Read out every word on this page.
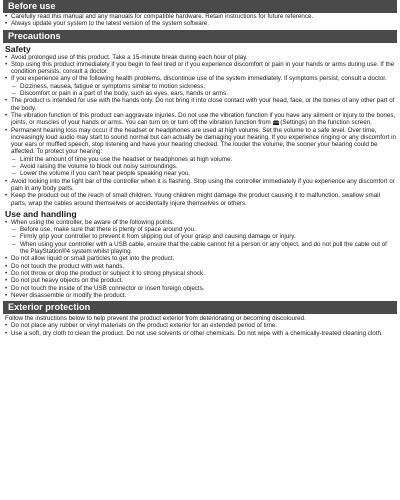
Before use
• Carefully read this manual and any manuals for compatible hardware. Retain instructions for future reference.
• Always update your system to the latest version of the system software.
Precautions
Safety
• Avoid prolonged use of this product. Take a 15-minute break during each hour of play.
• Stop using this product immediately if you begin to feel tired or if you experience discomfort or pain in your hands or arms during use. If the condition persists, consult a doctor.
• If you experience any of the following health problems, discontinue use of the system immediately. If symptoms persist, consult a doctor.
– Dizziness, nausea, fatigue or symptoms similar to motion sickness.
– Discomfort or pain in a part of the body, such as eyes, ears, hands or arms.
• The product is intended for use with the hands only. Do not bring it into close contact with your head, face, or the bones of any other part of the body.
• The vibration function of this product can aggravate injuries. Do not use the vibration function if you have any ailment or injury to the bones, joints, or muscles of your hands or arms. You can turn on or turn off the vibration function from (Settings) on the function screen.
• Permanent hearing loss may occur if the headset or headphones are used at high volume. Set the volume to a safe level. Over time, increasingly loud audio may start to sound normal but can actually be damaging your hearing. If you experience ringing or any discomfort in your ears or muffled speech, stop listening and have your hearing checked. The louder the volume, the sooner your hearing could be affected. To protect your hearing:
– Limit the amount of time you use the headset or headphones at high volume.
– Avoid raising the volume to block out noisy surroundings.
– Lower the volume if you can't hear people speaking near you.
• Avoid looking into the light bar of the controller when it is flashing. Stop using the controller immediately if you experience any discomfort or pain in any body parts.
• Keep the product out of the reach of small children. Young children might damage the product causing it to malfunction, swallow small parts, wrap the cables around themselves or accidentally injure themselves or others.
Use and handling
• When using the controller, be aware of the following points.
– Before use, make sure that there is plenty of space around you.
– Firmly grip your controller to prevent it from slipping out of your grasp and causing damage or injury.
– When using your controller with a USB cable, ensure that the cable cannot hit a person or any object, and do not pull the cable out of the PlayStation®4 system whilst playing.
• Do not allow liquid or small particles to get into the product.
• Do not touch the product with wet hands.
• Do not throw or drop the product or subject it to strong physical shock.
• Do not put heavy objects on the product.
• Do not touch the inside of the USB connector or insert foreign objects.
• Never disassemble or modify the product.
Exterior protection
Follow the instructions below to help prevent the product exterior from deteriorating or becoming discoloured.
• Do not place any rubber or vinyl materials on the product exterior for an extended period of time.
• Use a soft, dry cloth to clean the product. Do not use solvents or other chemicals. Do not wipe with a chemically-treated cleaning cloth.
